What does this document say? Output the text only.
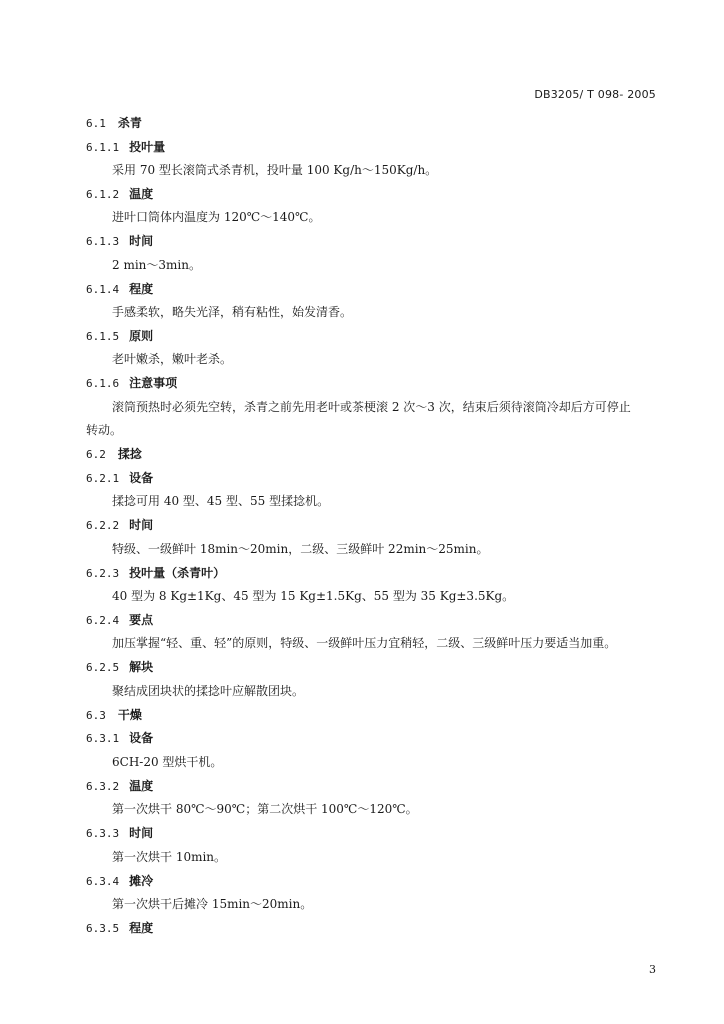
DB3205/ T 098- 2005
6.1 杀青
6.1.1 投叶量
采用 70 型长滚筒式杀青机，投叶量 100 Kg/h～150Kg/h。
6.1.2 温度
进叶口筒体内温度为 120℃～140℃。
6.1.3 时间
2 min～3min。
6.1.4 程度
手感柔软，略失光泽，稍有粘性，始发清香。
6.1.5 原则
老叶嫩杀，嫩叶老杀。
6.1.6 注意事项
滚筒预热时必须先空转，杀青之前先用老叶或茶梗滚 2 次～3 次，结束后须待滚筒冷却后方可停止
转动。
6.2 揉捻
6.2.1 设备
揉捻可用 40 型、45 型、55 型揉捻机。
6.2.2 时间
特级、一级鲜叶 18min～20min，二级、三级鲜叶 22min～25min。
6.2.3 投叶量（杀青叶）
40 型为 8 Kg±1Kg、45 型为 15 Kg±1.5Kg、55 型为 35 Kg±3.5Kg。
6.2.4 要点
加压掌握“轻、重、轻”的原则，特级、一级鲜叶压力宜稍轻，二级、三级鲜叶压力要适当加重。
6.2.5 解块
聚结成团块状的揉捻叶应解散团块。
6.3 干燥
6.3.1 设备
6CH-20 型烘干机。
6.3.2 温度
第一次烘干 80℃～90℃；第二次烘干 100℃～120℃。
6.3.3 时间
第一次烘干 10min。
6.3.4 摊冷
第一次烘干后摊冷 15min～20min。
6.3.5 程度
3
